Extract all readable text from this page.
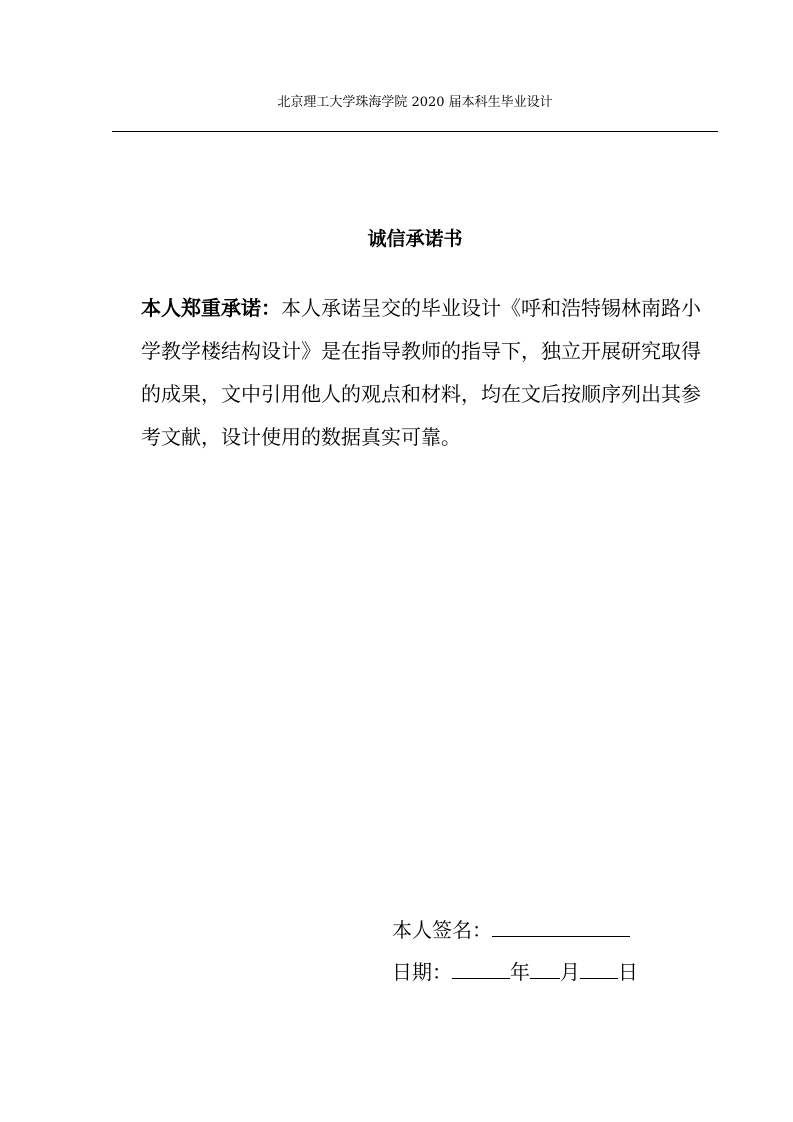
北京理工大学珠海学院 2020 届本科生毕业设计
诚信承诺书
本人郑重承诺：本人承诺呈交的毕业设计《呼和浩特锡林南路小学教学楼结构设计》是在指导教师的指导下，独立开展研究取得的成果，文中引用他人的观点和材料，均在文后按顺序列出其参考文献，设计使用的数据真实可靠。
本人签名：
日期：	年 月 日
